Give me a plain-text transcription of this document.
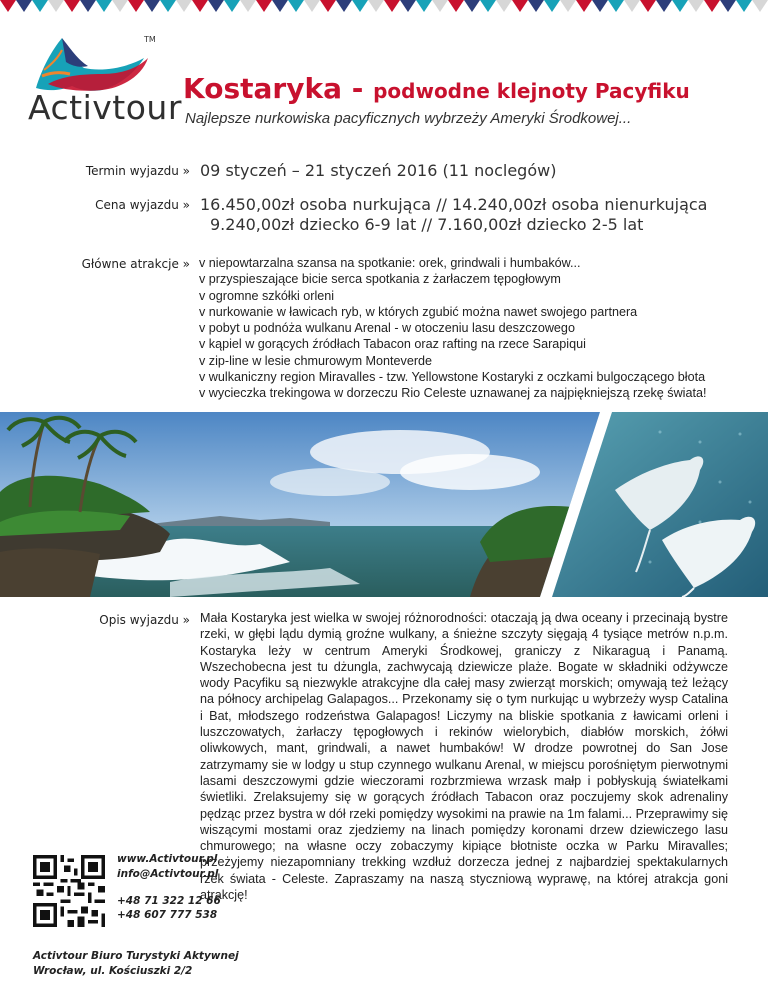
TM
Activtour Kostaryka - podwodne klejnoty Pacyfiku
Najlepsze nurkowiska pacyficznych wybrzeży Ameryki Środkowej...
Termin wyjazdu » 09 styczeń – 21 styczeń 2016 (11 noclegów)
Cena wyjazdu » 16.450,00zł osoba nurkująca // 14.240,00zł osoba nienurkująca
9.240,00zł dziecko 6-9 lat // 7.160,00zł dziecko 2-5 lat
Główne atrakcje » v niepowtarzalna szansa na spotkanie: orek, grindwali i humbaków...
v przyspieszające bicie serca spotkania z żarłaczem tępogłowym
v ogromne szkółki orleni
v nurkowanie w ławicach ryb, w których zgubić można nawet swojego partnera
v pobyt u podnóża wulkanu Arenal - w otoczeniu lasu deszczowego
v kąpiel w gorących źródłach Tabacon oraz rafting na rzece Sarapiqui
v zip-line w lesie chmurowym Monteverde
v wulkaniczny region Miravalles - tzw. Yellowstone Kostaryki z oczkami bulgoczącego błota
v wycieczka trekingowa w dorzeczu Rio Celeste uznawanej za najpiękniejszą rzekę świata!
Opis wyjazdu » Mała Kostaryka jest wielka w swojej różnorodności: otaczają ją dwa oceany i przecinają bystre rzeki, w głębi lądu dymią groźne wulkany, a śnieżne szczyty sięgają 4 tysiące metrów n.p.m. Kostaryka leży w centrum Ameryki Środkowej, graniczy z Nikaraguą i Panamą. Wszechobecna jest tu dżungla, zachwycają dziewicze plaże. Bogate w składniki odżywcze wody Pacyfiku są niezwykle atrakcyjne dla całej masy zwierząt morskich; omywają też leżący na północy archipelag Galapagos... Przekonamy się o tym nurkując u wybrzeży wysp Catalina i Bat, młodszego rodzeństwa Galapagos! Liczymy na bliskie spotkania z ławicami orleni i luszczowatych, żarłaczy tępogłowych i rekinów wielorybich, diabłów morskich, żółwi oliwkowych, mant, grindwali, a nawet humbaków! W drodze powrotnej do San Jose zatrzymamy sie w lodgy u stup czynnego wulkanu Arenal, w miejscu porośniętym pierwotnymi lasami deszczowymi gdzie wieczorami rozbrzmiewa wrzask małp i pobłyskują światełkami świetliki. Zrelaksujemy się w gorących źródłach Tabacon oraz poczujemy skok adrenaliny pędząc przez bystra w dół rzeki pomiędzy wysokimi na prawie na 1m falami... Przeprawimy się wiszącymi mostami oraz zjedziemy na linach pomiędzy koronami drzew dziewiczego lasu chmurowego; na własne oczy zobaczymy kipiące błotniste oczka w Parku Miravalles; przeżyjemy niezapomniany trekking wzdłuż dorzecza jednej z najbardziej spektakularnych rzek świata - Celeste. Zapraszamy na naszą styczniową wyprawę, na której atrakcja goni atrakcję!

www.Activtour.pl
info@Activtour.pl
+48 71 322 12 66
+48 607 777 538
Activtour Biuro Turystyki Aktywnej
Wrocław, ul. Kościuszki 2/2
